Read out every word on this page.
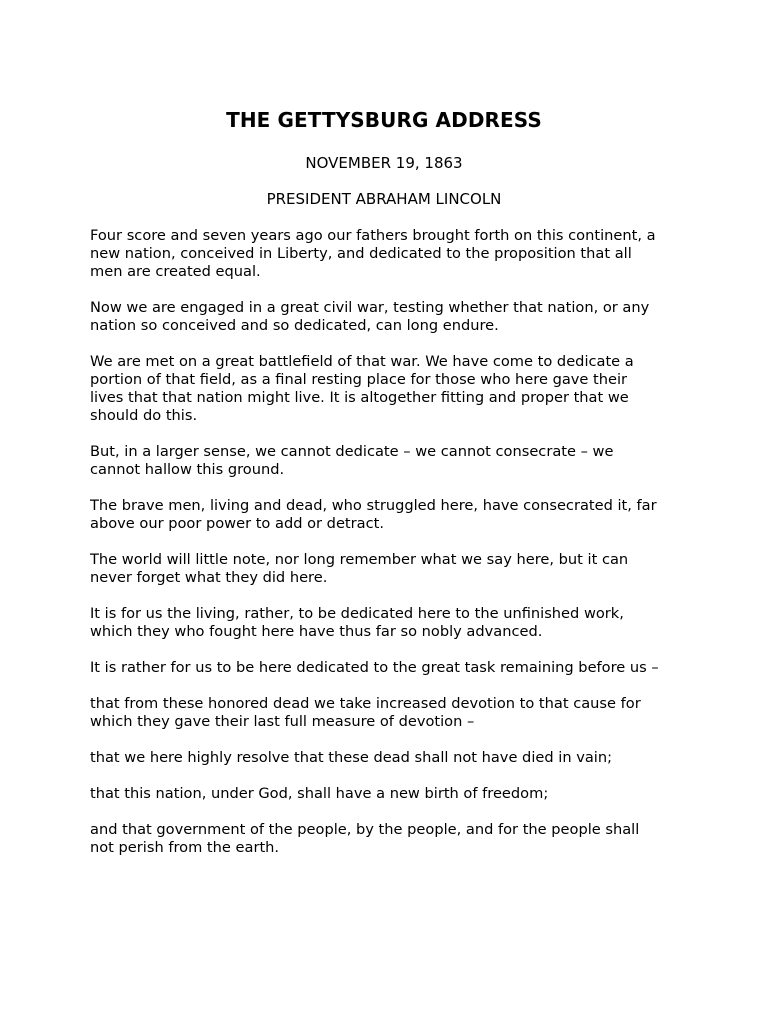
THE GETTYSBURG ADDRESS
NOVEMBER 19, 1863
PRESIDENT ABRAHAM LINCOLN

Four score and seven years ago our fathers brought forth on this continent, a
new nation, conceived in Liberty, and dedicated to the proposition that all
men are created equal.

Now we are engaged in a great civil war, testing whether that nation, or any
nation so conceived and so dedicated, can long endure.

We are met on a great battlefield of that war. We have come to dedicate a
portion of that field, as a final resting place for those who here gave their
lives that that nation might live. It is altogether fitting and proper that we
should do this.

But, in a larger sense, we cannot dedicate – we cannot consecrate – we
cannot hallow this ground.

The brave men, living and dead, who struggled here, have consecrated it, far
above our poor power to add or detract.

The world will little note, nor long remember what we say here, but it can
never forget what they did here.

It is for us the living, rather, to be dedicated here to the unfinished work,
which they who fought here have thus far so nobly advanced.

It is rather for us to be here dedicated to the great task remaining before us –

that from these honored dead we take increased devotion to that cause for
which they gave their last full measure of devotion –

that we here highly resolve that these dead shall not have died in vain;

that this nation, under God, shall have a new birth of freedom;

and that government of the people, by the people, and for the people shall
not perish from the earth.
